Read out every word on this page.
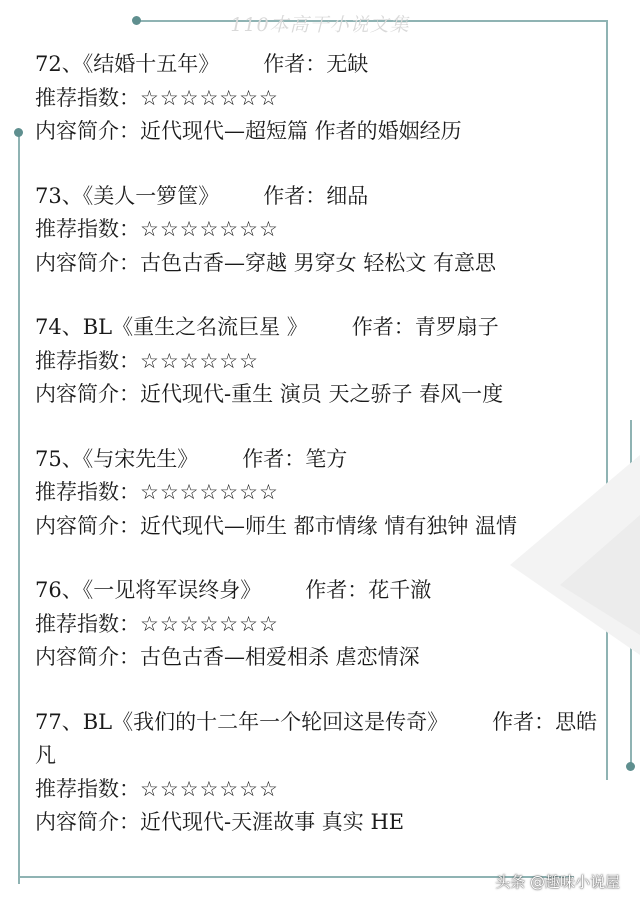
110本高干小说文集
72、《结婚十五年》 作者：无缺
推荐指数：☆☆☆☆☆☆☆
内容简介：近代现代—超短篇 作者的婚姻经历
73、《美人一箩筐》 作者：细品
推荐指数：☆☆☆☆☆☆☆
内容简介：古色古香—穿越 男穿女 轻松文 有意思
74、BL《重生之名流巨星 》 作者：青罗扇子
推荐指数：☆☆☆☆☆☆
内容简介：近代现代-重生 演员 天之骄子 春风一度
75、《与宋先生》 作者：笔方
推荐指数：☆☆☆☆☆☆☆
内容简介：近代现代—师生 都市情缘 情有独钟 温情
76、《一见将军误终身》 作者：花千澈
推荐指数：☆☆☆☆☆☆☆
内容简介：古色古香—相爱相杀 虐恋情深
77、BL《我们的十二年一个轮回这是传奇》 作者：思皓凡
推荐指数：☆☆☆☆☆☆☆
内容简介：近代现代-天涯故事 真实 HE
头条 @趣味小说屋
